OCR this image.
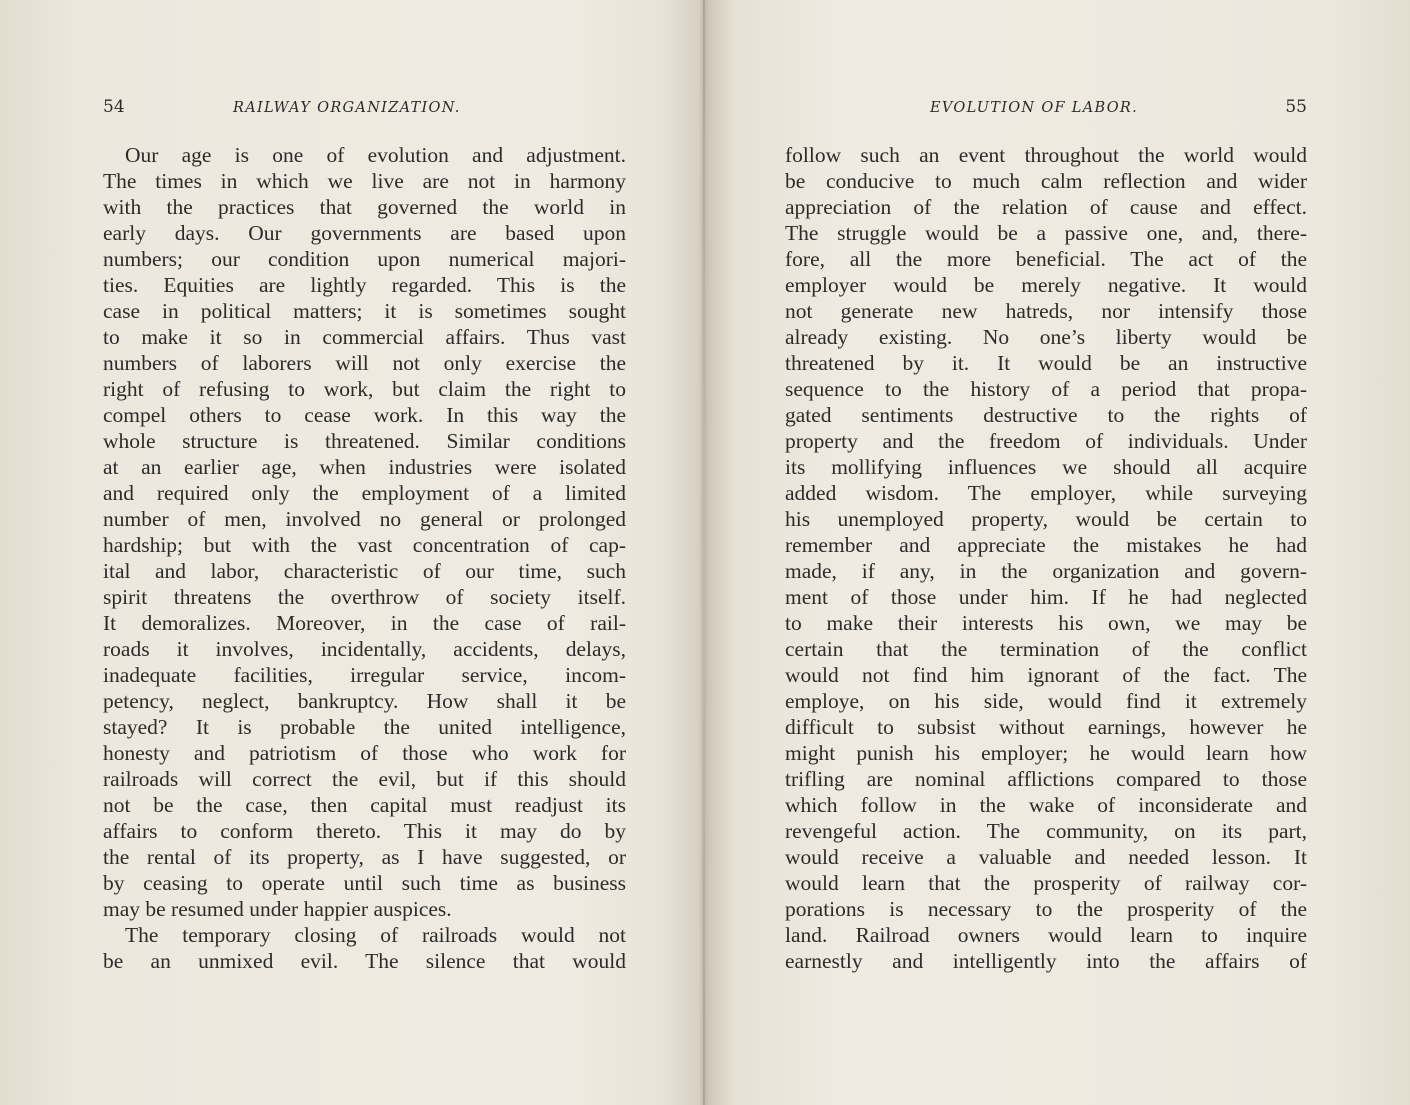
54	RAILWAY ORGANIZATION.
Our age is one of evolution and adjustment.
The times in which we live are not in harmony
with the practices that governed the world in
early days. Our governments are based upon
numbers; our condition upon numerical majori-
ties. Equities are lightly regarded. This is the
case in political matters; it is sometimes sought
to make it so in commercial affairs. Thus vast
numbers of laborers will not only exercise the
right of refusing to work, but claim the right to
compel others to cease work. In this way the
whole structure is threatened. Similar conditions
at an earlier age, when industries were isolated
and required only the employment of a limited
number of men, involved no general or prolonged
hardship; but with the vast concentration of cap-
ital and labor, characteristic of our time, such
spirit threatens the overthrow of society itself.
It demoralizes. Moreover, in the case of rail-
roads it involves, incidentally, accidents, delays,
inadequate facilities, irregular service, incom-
petency, neglect, bankruptcy. How shall it be
stayed? It is probable the united intelligence,
honesty and patriotism of those who work for
railroads will correct the evil, but if this should
not be the case, then capital must readjust its
affairs to conform thereto. This it may do by
the rental of its property, as I have suggested, or
by ceasing to operate until such time as business
may be resumed under happier auspices.
The temporary closing of railroads would not
be an unmixed evil. The silence that would
EVOLUTION OF LABOR.	55
follow such an event throughout the world would
be conducive to much calm reflection and wider
appreciation of the relation of cause and effect.
The struggle would be a passive one, and, there-
fore, all the more beneficial. The act of the
employer would be merely negative. It would
not generate new hatreds, nor intensify those
already existing. No one’s liberty would be
threatened by it. It would be an instructive
sequence to the history of a period that propa-
gated sentiments destructive to the rights of
property and the freedom of individuals. Under
its mollifying influences we should all acquire
added wisdom. The employer, while surveying
his unemployed property, would be certain to
remember and appreciate the mistakes he had
made, if any, in the organization and govern-
ment of those under him. If he had neglected
to make their interests his own, we may be
certain that the termination of the conflict
would not find him ignorant of the fact. The
employe, on his side, would find it extremely
difficult to subsist without earnings, however he
might punish his employer; he would learn how
trifling are nominal afflictions compared to those
which follow in the wake of inconsiderate and
revengeful action. The community, on its part,
would receive a valuable and needed lesson. It
would learn that the prosperity of railway cor-
porations is necessary to the prosperity of the
land. Railroad owners would learn to inquire
earnestly and intelligently into the affairs of
